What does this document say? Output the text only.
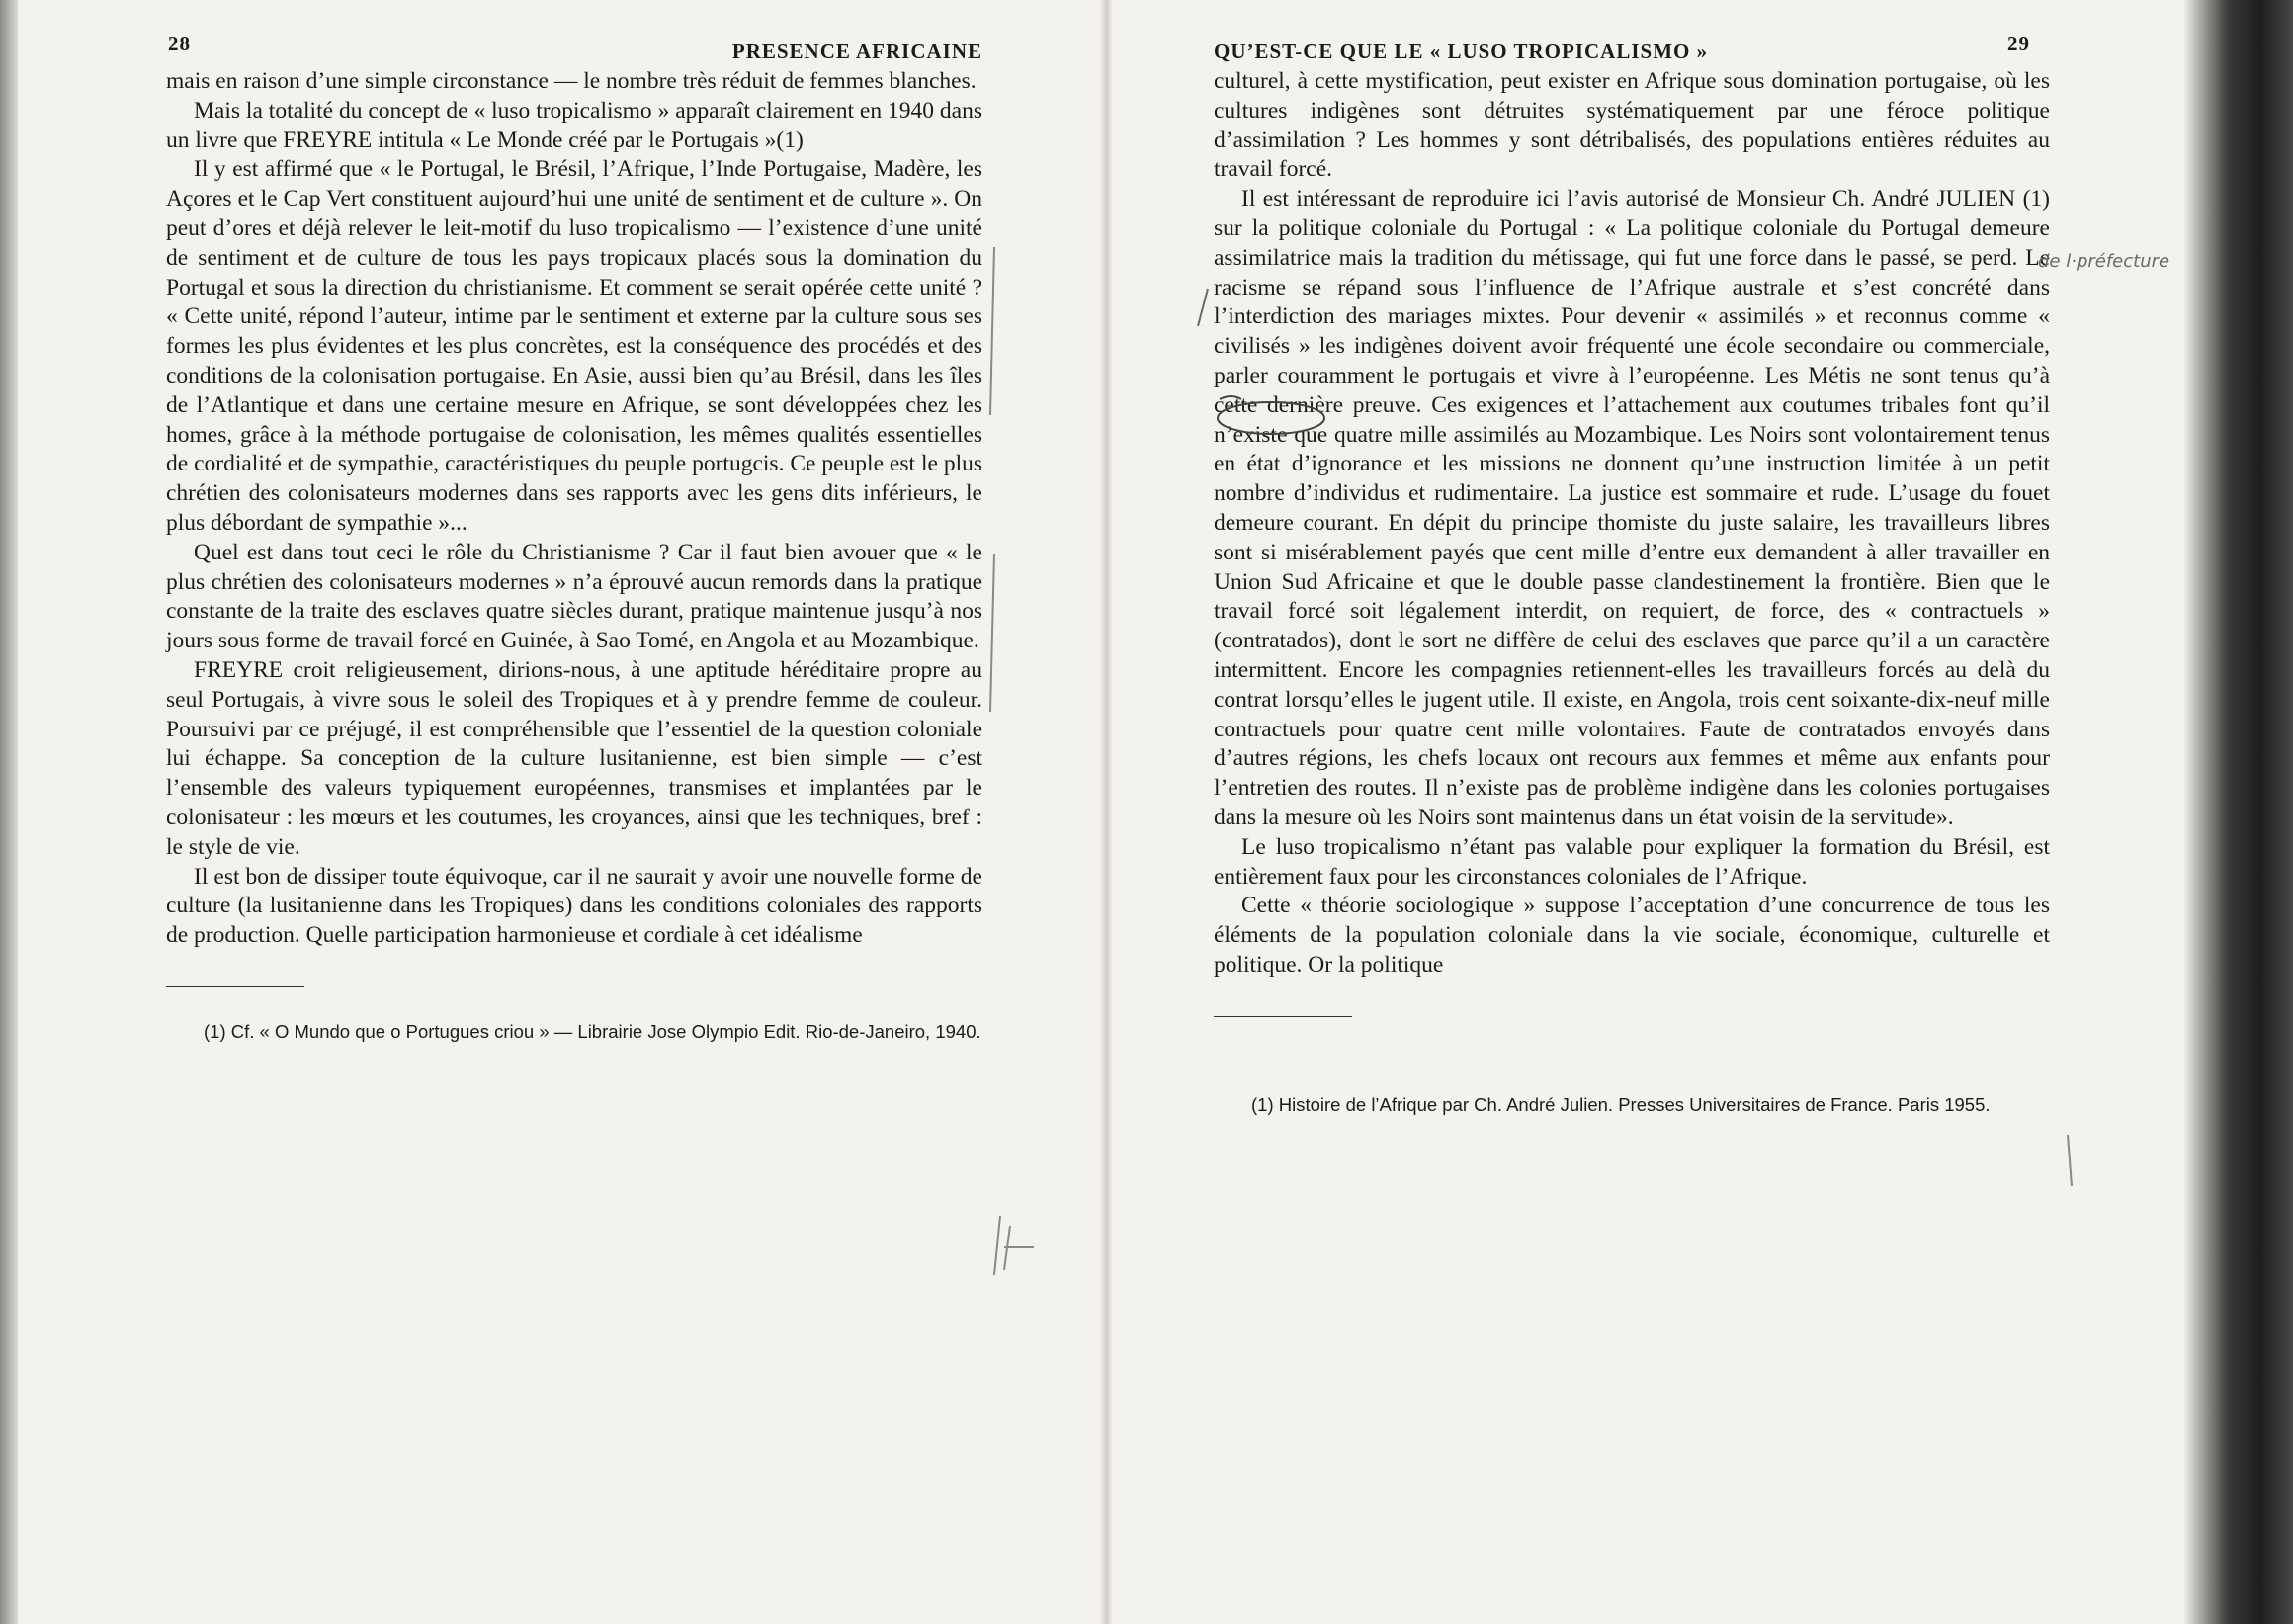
28	PRESENCE AFRICAINE

mais en raison d’une simple circonstance — le nombre très réduit de femmes blanches.

Mais la totalité du concept de « luso tropicalismo » apparaît clairement en 1940 dans un livre que FREYRE intitula « Le Monde créé par le Portugais »(1)

Il y est affirmé que « le Portugal, le Brésil, l’Afrique, l’Inde Portugaise, Madère, les Açores et le Cap Vert constituent aujourd’hui une unité de sentiment et de culture ». On peut d’ores et déjà relever le leit-motif du luso tropicalismo — l’existence d’une unité de sentiment et de culture de tous les pays tropicaux placés sous la domination du Portugal et sous la direction du christianisme. Et comment se serait opérée cette unité ? « Cette unité, répond l’auteur, intime par le sentiment et externe par la culture sous ses formes les plus évidentes et les plus concrètes, est la conséquence des procédés et des conditions de la colonisation portugaise. En Asie, aussi bien qu’au Brésil, dans les îles de l’Atlantique et dans une certaine mesure en Afrique, se sont développées chez les homes, grâce à la méthode portugaise de colonisation, les mêmes qualités essentielles de cordialité et de sympathie, caractéristiques du peuple portugcis. Ce peuple est le plus chrétien des colonisateurs modernes dans ses rapports avec les gens dits inférieurs, le plus débordant de sympathie »...

Quel est dans tout ceci le rôle du Christianisme ? Car il faut bien avouer que « le plus chrétien des colonisateurs modernes » n’a éprouvé aucun remords dans la pratique constante de la traite des esclaves quatre siècles durant, pratique maintenue jusqu’à nos jours sous forme de travail forcé en Guinée, à Sao Tomé, en Angola et au Mozambique.

FREYRE croit religieusement, dirions-nous, à une aptitude héréditaire propre au seul Portugais, à vivre sous le soleil des Tropiques et à y prendre femme de couleur. Poursuivi par ce préjugé, il est compréhensible que l’essentiel de la question coloniale lui échappe. Sa conception de la culture lusitanienne, est bien simple — c’est l’ensemble des valeurs typiquement européennes, transmises et implantées par le colonisateur : les mœurs et les coutumes, les croyances, ainsi que les techniques, bref : le style de vie.

Il est bon de dissiper toute équivoque, car il ne saurait y avoir une nouvelle forme de culture (la lusitanienne dans les Tropiques) dans les conditions coloniales des rapports de production. Quelle participation harmonieuse et cordiale à cet idéalisme

(1) Cf. « O Mundo que o Portugues criou » — Librairie Jose Olympio Edit. Rio-de-Janeiro, 1940.
QU’EST-CE QUE LE « LUSO TROPICALISMO »	29

culturel, à cette mystification, peut exister en Afrique sous domination portugaise, où les cultures indigènes sont détruites systématiquement par une féroce politique d’assimilation ? Les hommes y sont détribalisés, des populations entières réduites au travail forcé.

Il est intéressant de reproduire ici l’avis autorisé de Monsieur Ch. André JULIEN (1) sur la politique coloniale du Portugal : « La politique coloniale du Portugal demeure assimilatrice mais la tradition du métissage, qui fut une force dans le passé, se perd. Le racisme se répand sous l’influence de l’Afrique australe et s’est concrété dans l’interdiction des mariages mixtes. Pour devenir « assimilés » et reconnus comme « civilisés » les indigènes doivent avoir fréquenté une école secondaire ou commerciale, parler couramment le portugais et vivre à l’européenne. Les Métis ne sont tenus qu’à cette dernière preuve. Ces exigences et l’attachement aux coutumes tribales font qu’il n’existe que quatre mille assimilés au Mozambique. Les Noirs sont volontairement tenus en état d’ignorance et les missions ne donnent qu’une instruction limitée à un petit nombre d’individus et rudimentaire. La justice est sommaire et rude. L’usage du fouet demeure courant. En dépit du principe thomiste du juste salaire, les travailleurs libres sont si misérablement payés que cent mille d’entre eux demandent à aller travailler en Union Sud Africaine et que le double passe clandestinement la frontière. Bien que le travail forcé soit légalement interdit, on requiert, de force, des « contractuels » (contratados), dont le sort ne diffère de celui des esclaves que parce qu’il a un caractère intermittent. Encore les compagnies retiennent-elles les travailleurs forcés au delà du contrat lorsqu’elles le jugent utile. Il existe, en Angola, trois cent soixante-dix-neuf mille contractuels pour quatre cent mille volontaires. Faute de contratados envoyés dans d’autres régions, les chefs locaux ont recours aux femmes et même aux enfants pour l’entretien des routes. Il n’existe pas de problème indigène dans les colonies portugaises dans la mesure où les Noirs sont maintenus dans un état voisin de la servitude».

Le luso tropicalismo n’étant pas valable pour expliquer la formation du Brésil, est entièrement faux pour les circonstances coloniales de l’Afrique.

Cette « théorie sociologique » suppose l’acceptation d’une concurrence de tous les éléments de la population coloniale dans la vie sociale, économique, culturelle et politique. Or la politique

(1) Histoire de l’Afrique par Ch. André Julien. Presses Universitaires de France. Paris 1955.
de l·préfecture
